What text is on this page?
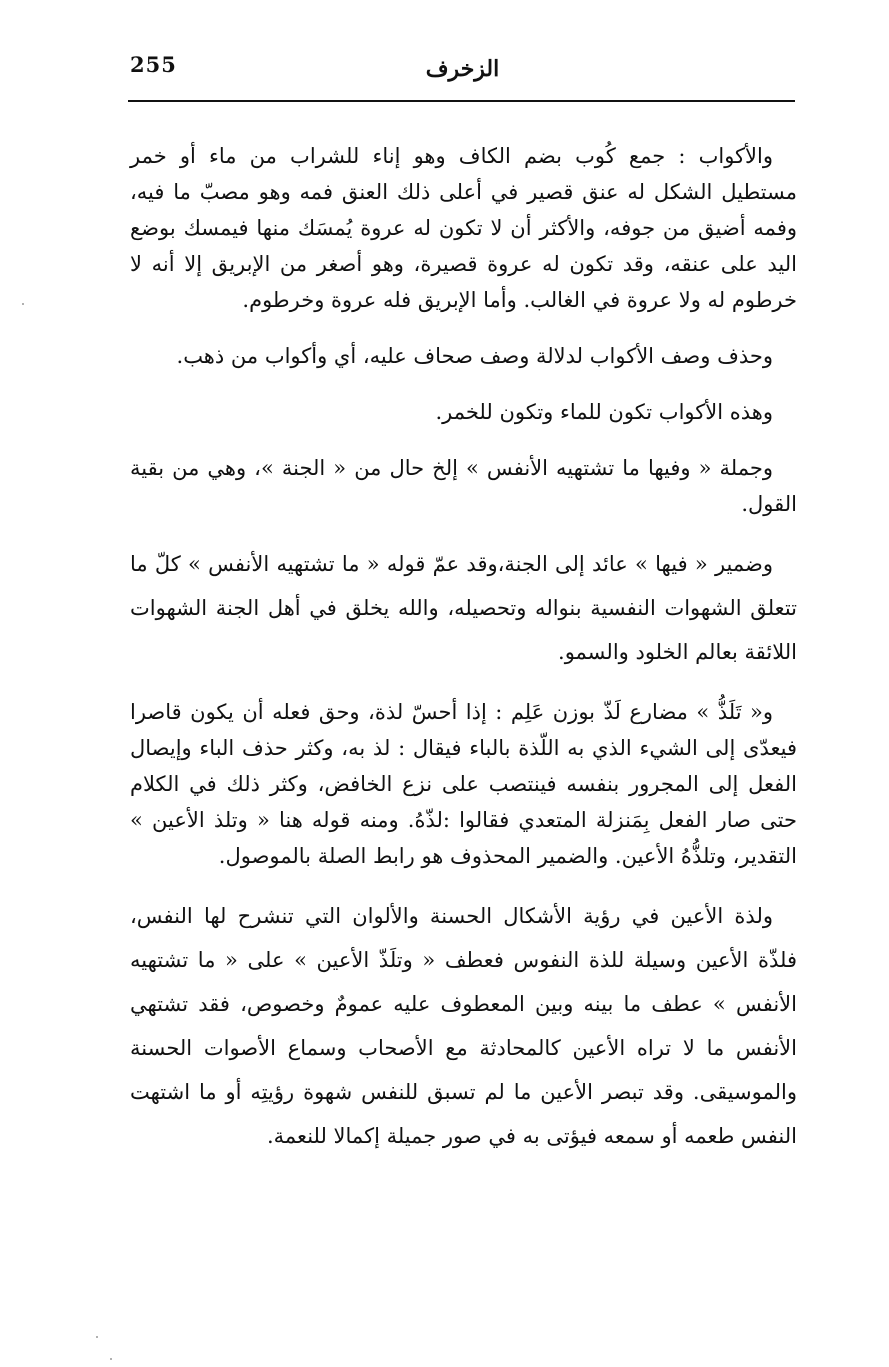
255	الزخرف

والأكواب : جمع كُوب بضم الكاف وهو إناء للشراب من ماء أو خمر مستطيل الشكل له عنق قصير في أعلى ذلك العنق فمه وهو مصبّ ما فيه، وفمه أضيق من جوفه، والأكثر أن لا تكون له عروة يُمسَك منها فيمسك بوضع اليد على عنقه، وقد تكون له عروة قصيرة، وهو أصغر من الإبريق إلا أنه لا خرطوم له ولا عروة في الغالب. وأما الإبريق فله عروة وخرطوم.

وحذف وصف الأكواب لدلالة وصف صحاف عليه، أي وأكواب من ذهب.

وهذه الأكواب تكون للماء وتكون للخمر.

وجملة « وفيها ما تشتهيه الأنفس » إلخ حال من « الجنة »، وهي من بقية القول.

وضمير « فيها » عائد إلى الجنة،وقد عمّ قوله « ما تشتهيه الأنفس » كلّ ما تتعلق الشهوات النفسية بنواله وتحصيله، والله يخلق في أهل الجنة الشهوات اللائقة بعالم الخلود والسمو.

و« تَلَذُّ » مضارع لَذّ بوزن عَلِم : إذا أحسّ لذة، وحق فعله أن يكون قاصرا فيعدّى إلى الشيء الذي به اللّذة بالباء فيقال : لذ به، وكثر حذف الباء وإيصال الفعل إلى المجرور بنفسه فينتصب على نزع الخافض، وكثر ذلك في الكلام حتى صار الفعل بِمَنزلة المتعدي فقالوا :لذّهُ. ومنه قوله هنا « وتلذ الأعين » التقدير، وتلذُّهُ الأعين. والضمير المحذوف هو رابط الصلة بالموصول.

ولذة الأعين في رؤية الأشكال الحسنة والألوان التي تنشرح لها النفس، فلذّة الأعين وسيلة للذة النفوس فعطف « وتلَذّ الأعين » على « ما تشتهيه الأنفس » عطف ما بينه وبين المعطوف عليه عمومٌ وخصوص، فقد تشتهي الأنفس ما لا تراه الأعين كالمحادثة مع الأصحاب وسماع الأصوات الحسنة والموسيقى. وقد تبصر الأعين ما لم تسبق للنفس شهوة رؤيتِه أو ما اشتهت النفس طعمه أو سمعه فيؤتى به في صور جميلة إكمالا للنعمة.
